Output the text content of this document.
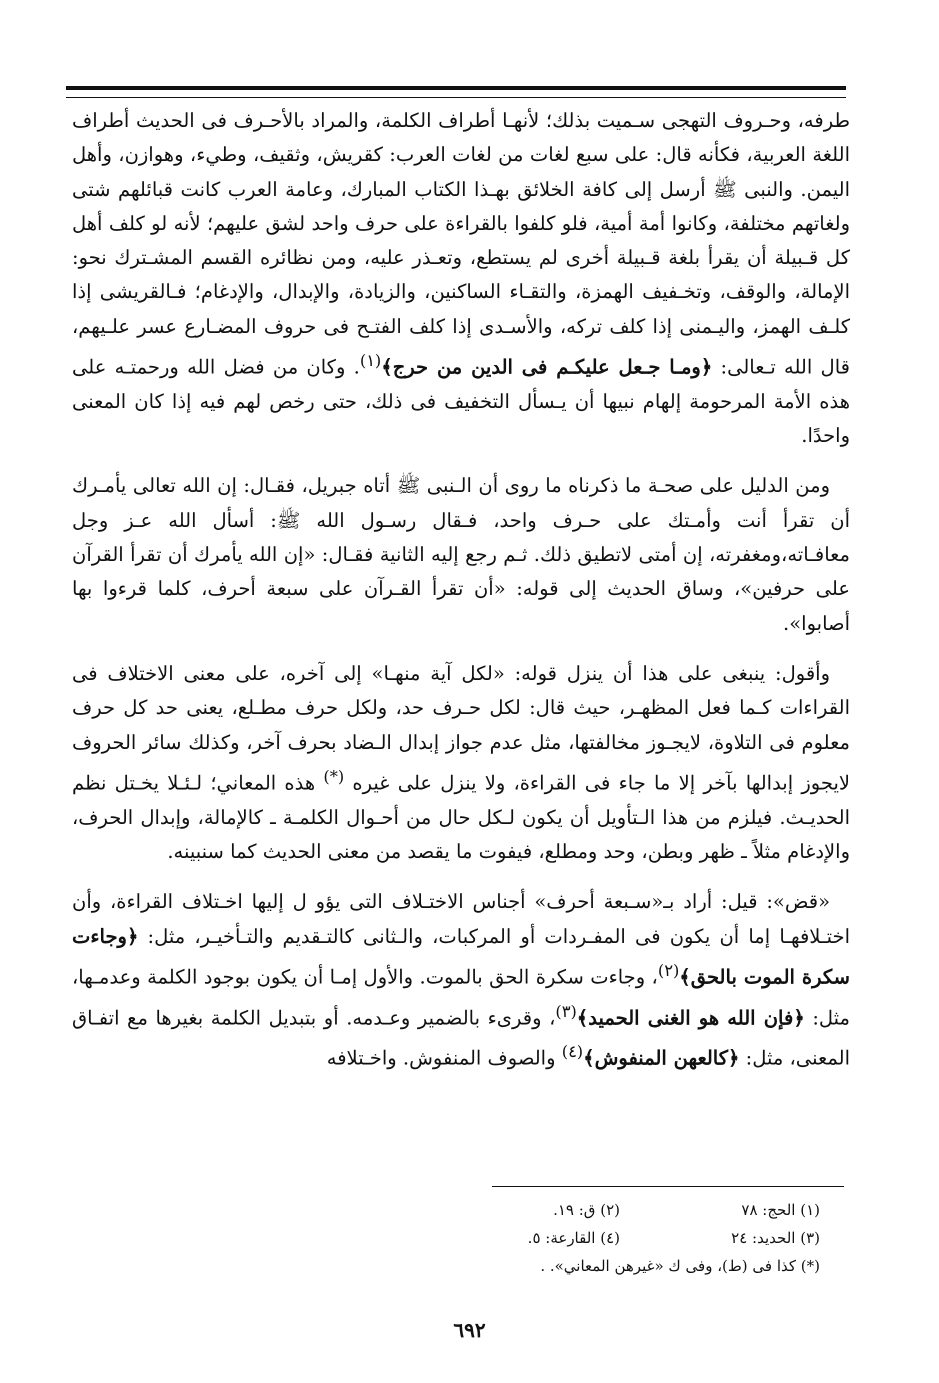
طرفه، وحـروف التهجى سـميت بذلك؛ لأنهـا أطراف الكلمة، والمراد بالأحـرف فى الحديث أطراف اللغة العربية، فكأنه قال: على سبع لغات من لغات العرب: كقريش، وثقيف، وطيء، وهوازن، وأهل اليمن. والنبى ﷺ أرسل إلى كافة الخلائق بهـذا الكتاب المبارك، وعامة العرب كانت قبائلهم شتى ولغاتهم مختلفة، وكانوا أمة أمية، فلو كلفوا بالقراءة على حرف واحد لشق عليهم؛ لأنه لو كلف أهل كل قـبيلة أن يقرأ بلغة قـبيلة أخرى لم يستطع، وتعـذر عليه، ومن نظائره القسم المشـترك نحو: الإمالة، والوقف، وتخـفيف الهمزة، والتقـاء الساكنين، والزيادة، والإبدال، والإدغام؛ فـالقريشى إذا كلـف الهمز، واليـمنى إذا كلف تركه، والأسـدى إذا كلف الفتـح فى حروف المضـارع عسر علـيهم، قال الله تـعالى: ﴿ومـا جـعل عليكـم فى الدين من حرج﴾$^{(١)}$. وكان من فضل الله ورحمتـه على هذه الأمة المرحومة إلهام نبيها أن يـسأل التخفيف فى ذلك، حتى رخص لهم فيه إذا كان المعنى واحدًا.

ومن الدليل على صحـة ما ذكرناه ما روى أن الـنبى ﷺ أتاه جبريل، فقـال: إن الله تعالى يأمـرك أن تقرأ أنت وأمـتك على حـرف واحد، فـقال رسـول الله ﷺ: أسأل الله عـز وجل معافـاته،ومغفرته، إن أمتى لاتطيق ذلك. ثـم رجع إليه الثانية فقـال: «إن الله يأمرك أن تقرأ القرآن على حرفين»، وساق الحديث إلى قوله: «أن تقرأ القـرآن على سبعة أحرف، كلما قرءوا بها أصابوا».

وأقول: ينبغى على هذا أن ينزل قوله: «لكل آية منهـا» إلى آخره، على معنى الاختلاف فى القراءات كـما فعل المظهـر، حيث قال: لكل حـرف حد، ولكل حرف مطـلع، يعنى حد كل حرف معلوم فى التلاوة، لايجـوز مخالفتها، مثل عدم جواز إبدال الـضاد بحرف آخر، وكذلك سائر الحروف لايجوز إبدالها بآخر إلا ما جاء فى القراءة، ولا ينزل على غيره (*) هذه المعاني؛ لـئـلا يخـتل نظم الحديـث. فيلزم من هذا الـتأويل أن يكون لـكل حال من أحـوال الكلمـة ـ كالإمالة، وإبدال الحرف، والإدغام مثلاً ـ ظهر وبطن، وحد ومطلع، فيفوت ما يقصد من معنى الحديث كما سنبينه.

«قض»: قيل: أراد بـ«سـبعة أحرف» أجناس الاختـلاف التى يؤو ل إليها اخـتلاف القراءة، وأن اختـلافهـا إما أن يكون فى المفـردات أو المركبات، والـثانى كالتـقديم والتـأخيـر، مثل: ﴿وجاءت سكرة الموت بالحق﴾$^{(٢)}$، وجاءت سكرة الحق بالموت. والأول إمـا أن يكون بوجود الكلمة وعدمـها، مثل: ﴿فإن الله هو الغنى الحميد﴾$^{(٣)}$، وقرىء بالضمير وعـدمه. أو بتبديل الكلمة بغيرها مع اتفـاق المعنى، مثل: ﴿كالعهن المنفوش﴾$^{(٤)}$ والصوف المنفوش. واخـتلافه

(١) الحج: ٧٨
(٢) ق: ١٩.
(٣) الحديد: ٢٤
(٤) القارعة: ٥.
(*) كذا فى (ط)، وفى ك «غيرهن المعاني». .
٦٩٢
